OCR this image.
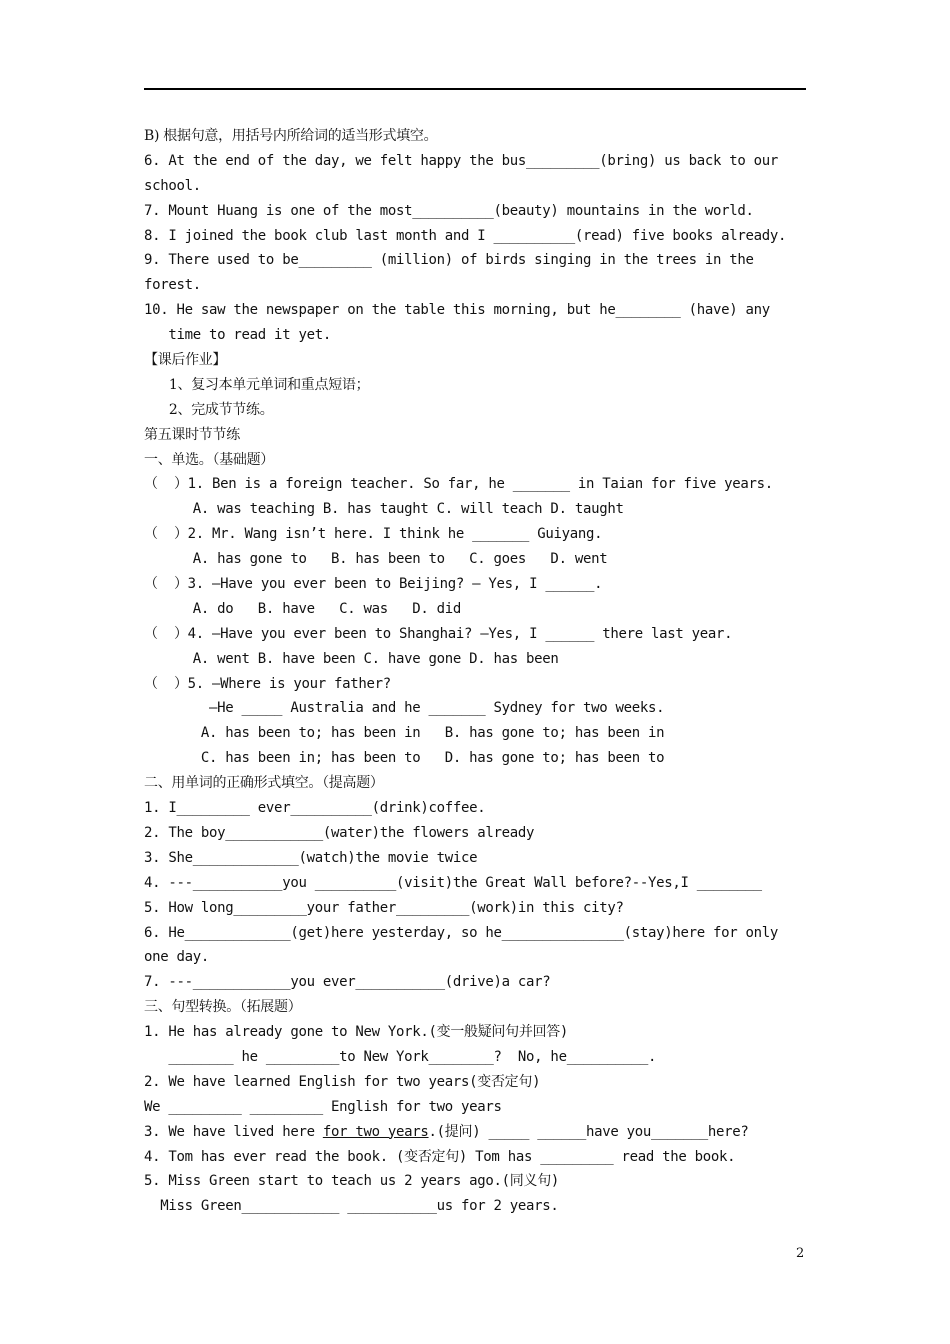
B) 根据句意，用括号内所给词的适当形式填空。
6. At the end of the day, we felt happy the bus_________(bring) us back to our
school.
7. Mount Huang is one of the most__________(beauty) mountains in the world.
8. I joined the book club last month and I __________(read) five books already.
9. There used to be_________ (million) of birds singing in the trees in the
forest.
10. He saw the newspaper on the table this morning, but he________ (have) any
time to read it yet.
【课后作业】
1、复习本单元单词和重点短语；
2、完成节节练。
第五课时节节练
一、单选。（基础题）
（  ）1. Ben is a foreign teacher. So far, he _______ in Taian for five years.
A. was teaching B. has taught C. will teach D. taught
（  ）2. Mr. Wang isn’t here. I think he _______ Guiyang.
A. has gone to   B. has been to   C. goes   D. went
（  ）3. —Have you ever been to Beijing? — Yes, I ______.
A. do   B. have   C. was   D. did
（  ）4. —Have you ever been to Shanghai? —Yes, I ______ there last year.
A. went B. have been C. have gone D. has been
（  ）5. —Where is your father?
—He _____ Australia and he _______ Sydney for two weeks.
A. has been to; has been in   B. has gone to; has been in
C. has been in; has been to   D. has gone to; has been to
二、用单词的正确形式填空。（提高题）
1. I_________ ever__________(drink)coffee.
2. The boy____________(water)the flowers already
3. She_____________(watch)the movie twice
4. ---___________you __________(visit)the Great Wall before?--Yes,I ________
5. How long_________your father_________(work)in this city?
6. He_____________(get)here yesterday, so he_______________(stay)here for only
one day.
7. ---____________you ever___________(drive)a car?
三、句型转换。（拓展题）
1. He has already gone to New York.(变一般疑问句并回答)
________ he _________to New York________?  No, he__________.
2. We have learned English for two years(变否定句)
We _________ _________ English for two years
3. We have lived here for two years.(提问) _____ ______have you_______here?
4. Tom has ever read the book. (变否定句) Tom has _________ read the book.
5. Miss Green start to teach us 2 years ago.(同义句)
Miss Green____________ ___________us for 2 years.
2
